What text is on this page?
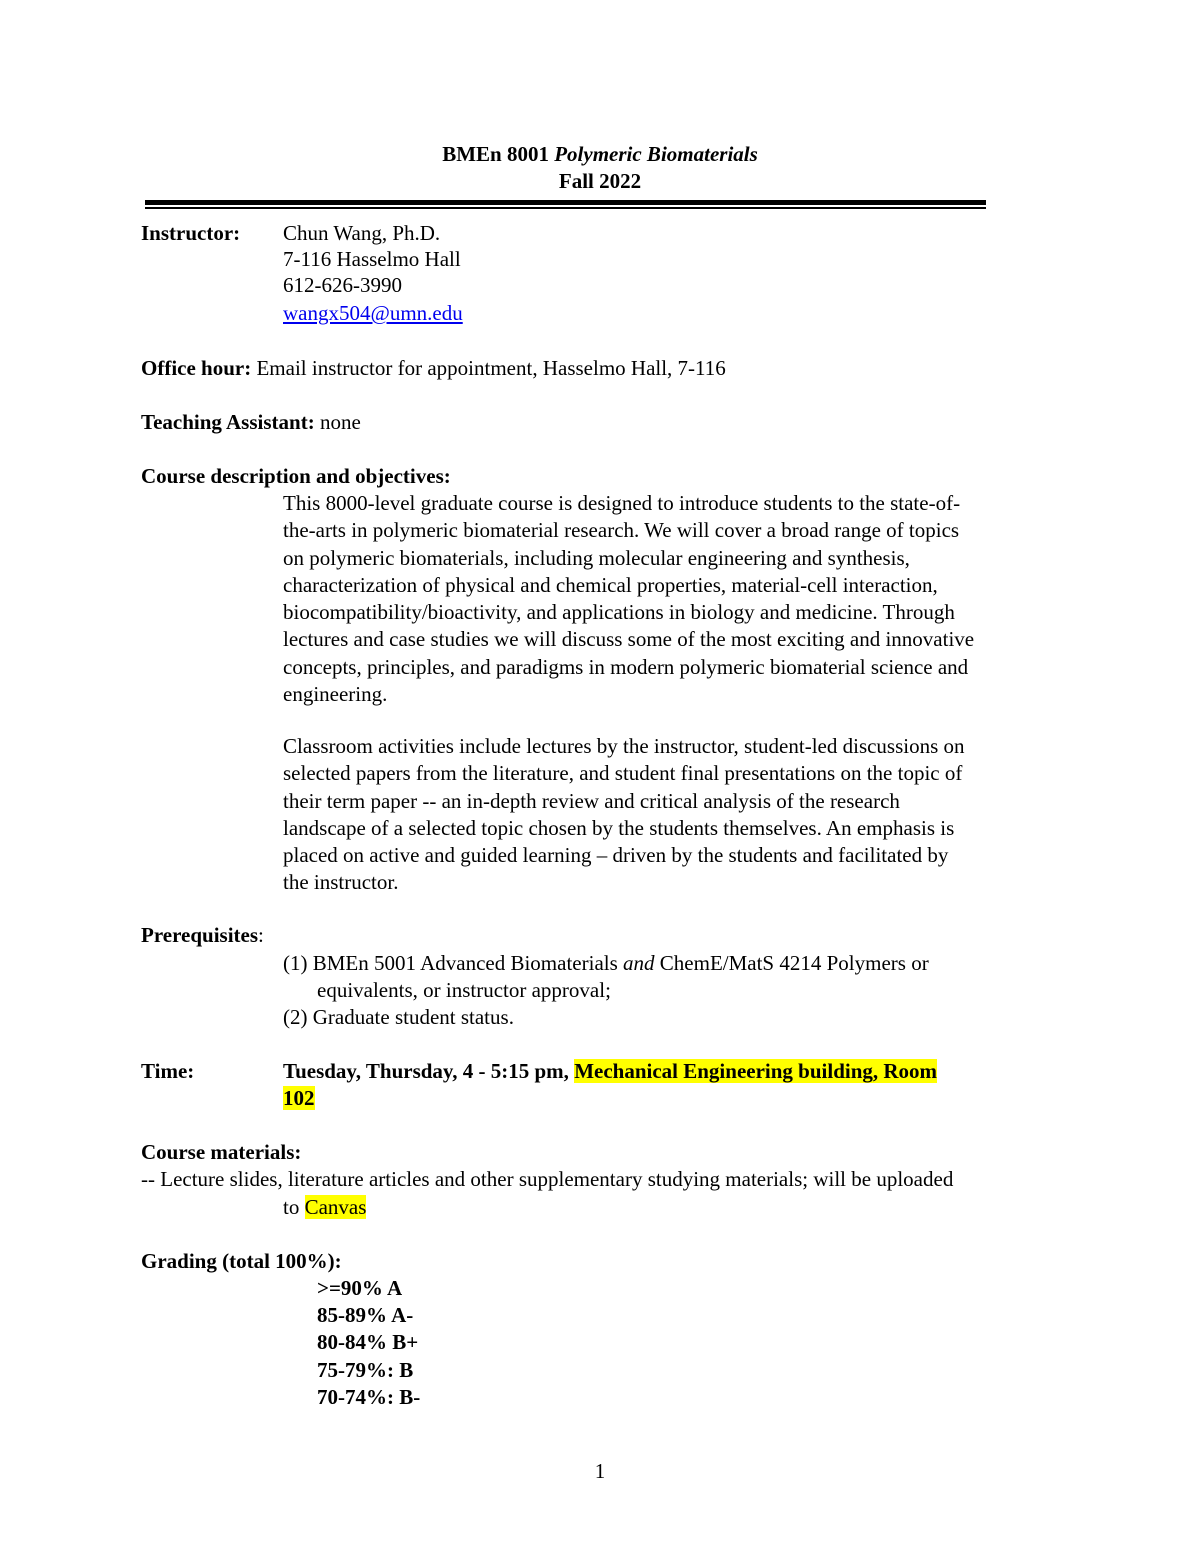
BMEn 8001 Polymeric Biomaterials
Fall 2022
Instructor: Chun Wang, Ph.D.
7-116 Hasselmo Hall
612-626-3990
wangx504@umn.edu
Office hour: Email instructor for appointment, Hasselmo Hall, 7-116
Teaching Assistant: none
Course description and objectives:
This 8000-level graduate course is designed to introduce students to the state-of-
the-arts in polymeric biomaterial research. We will cover a broad range of topics
on polymeric biomaterials, including molecular engineering and synthesis,
characterization of physical and chemical properties, material-cell interaction,
biocompatibility/bioactivity, and applications in biology and medicine. Through
lectures and case studies we will discuss some of the most exciting and innovative
concepts, principles, and paradigms in modern polymeric biomaterial science and
engineering.
Classroom activities include lectures by the instructor, student-led discussions on
selected papers from the literature, and student final presentations on the topic of
their term paper -- an in-depth review and critical analysis of the research
landscape of a selected topic chosen by the students themselves. An emphasis is
placed on active and guided learning – driven by the students and facilitated by
the instructor.
Prerequisites:
(1) BMEn 5001 Advanced Biomaterials and ChemE/MatS 4214 Polymers or
equivalents, or instructor approval;
(2) Graduate student status.
Time:	Tuesday, Thursday, 4 - 5:15 pm, Mechanical Engineering building, Room
102
Course materials:
-- Lecture slides, literature articles and other supplementary studying materials; will be uploaded
to Canvas
Grading (total 100%):
>=90% A
85-89% A-
80-84% B+
75-79%: B
70-74%: B-
1
